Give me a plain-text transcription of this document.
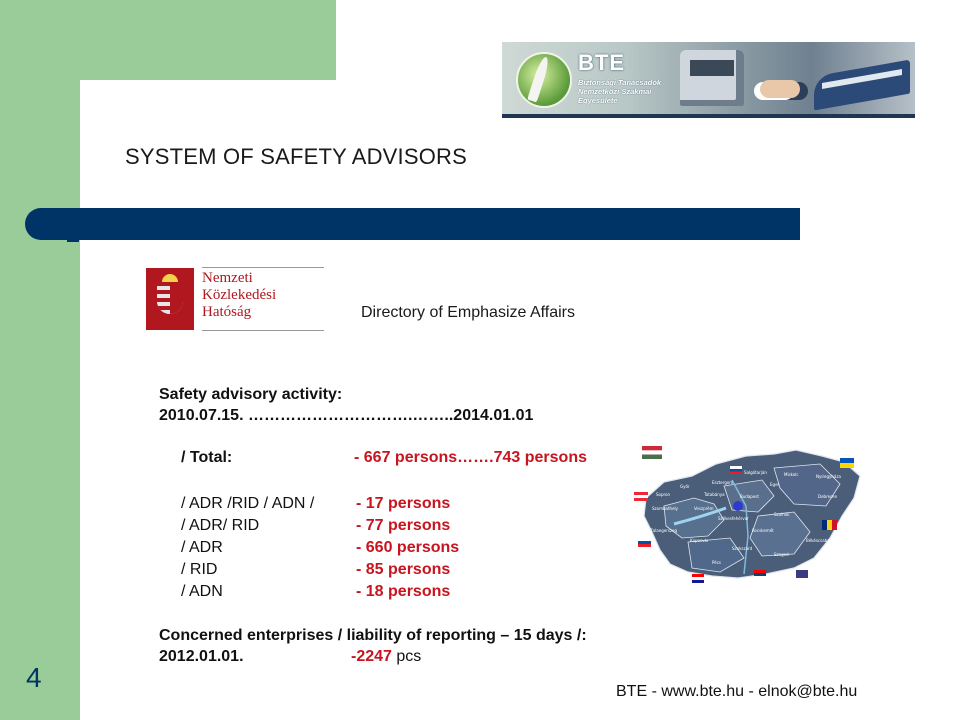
BTE
Biztonsági Tanácsadók
Nemzetközi Szakmai
Egyesülete
SYSTEM OF SAFETY ADVISORS
Nemzeti
Közlekedési
Hatóság	Directory of Emphasize Affairs
Safety advisory activity:
2010.07.15. ………………………….……..2014.01.01
/ Total:	- 667 persons…….743 persons
/ ADR /RID / ADN /	- 17 persons
/ ADR/ RID	- 77 persons
/ ADR	- 660 persons
/ RID	- 85 persons
/ ADN	- 18 persons
Concerned enterprises / liability of reporting – 15 days /:
2012.01.01.	-2247 pcs
Győr
Esztergom
Salgótarján	Miskolc	Nyíregyháza
Sopron	Tatabánya	Budapest
Eger
Debrecen
Szombathely	Veszprém
Székesfehérvár
Szolnok
Zalaegerszeg
Kaposvár
Kecskemét
Békéscsaba
Szekszárd
Szeged
Pécs
4	BTE - www.bte.hu - elnok@bte.hu
